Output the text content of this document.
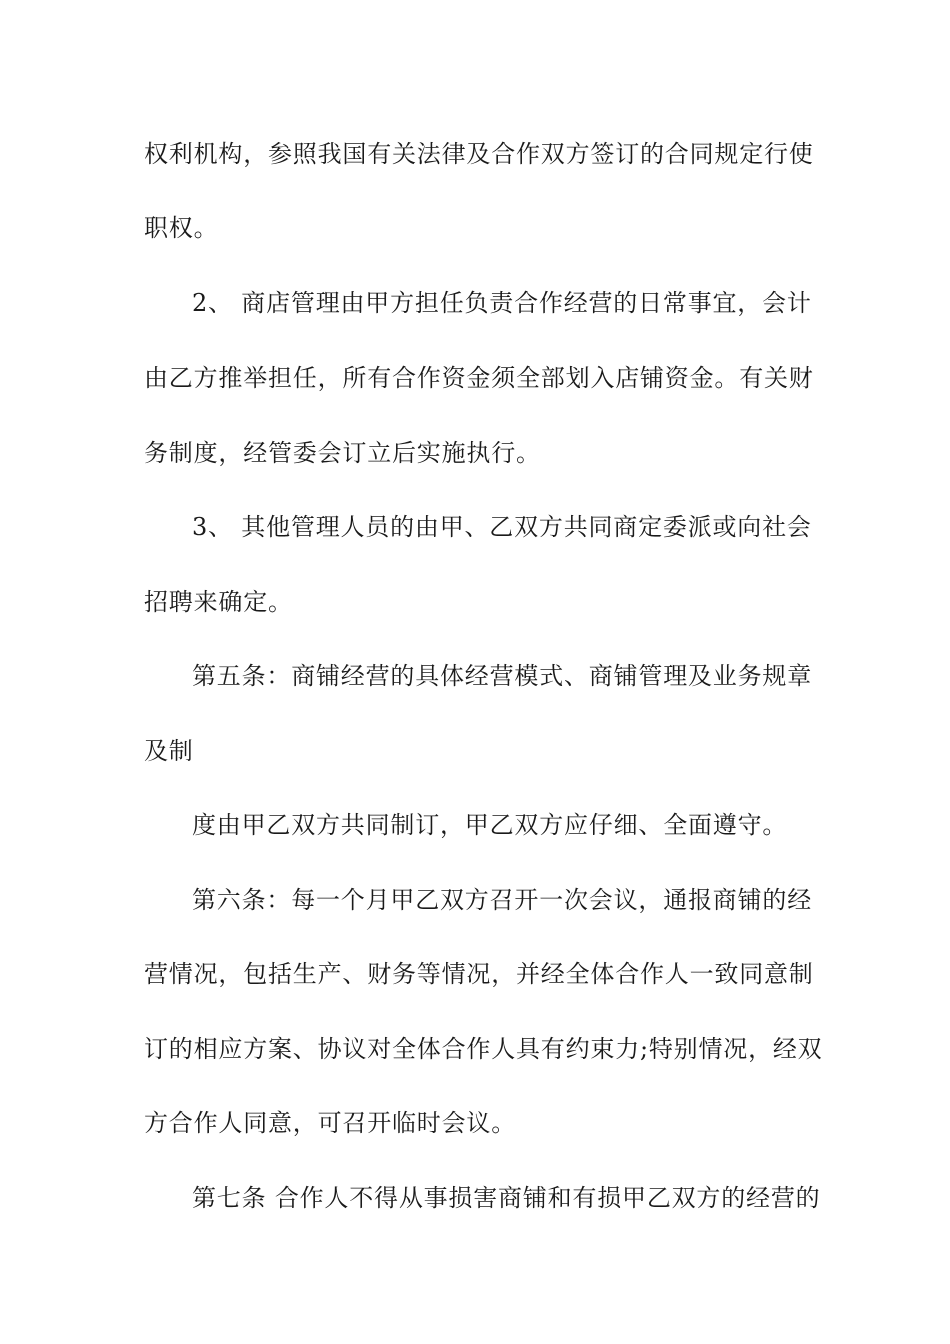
权利机构，参照我国有关法律及合作双方签订的合同规定行使
职权。
2、 商店管理由甲方担任负责合作经营的日常事宜，会计
由乙方推举担任，所有合作资金须全部划入店铺资金。有关财
务制度，经管委会订立后实施执行。
3、 其他管理人员的由甲、乙双方共同商定委派或向社会
招聘来确定。
第五条：商铺经营的具体经营模式、商铺管理及业务规章
及制
度由甲乙双方共同制订，甲乙双方应仔细、全面遵守。
第六条：每一个月甲乙双方召开一次会议，通报商铺的经
营情况，包括生产、财务等情况，并经全体合作人一致同意制
订的相应方案、协议对全体合作人具有约束力;特别情况，经双
方合作人同意，可召开临时会议。
第七条 合作人不得从事损害商铺和有损甲乙双方的经营的
